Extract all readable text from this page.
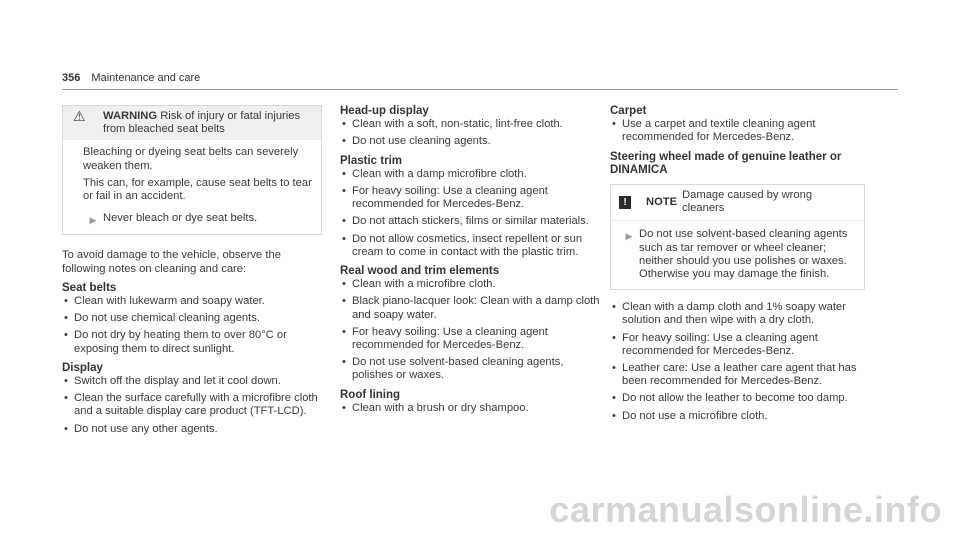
356 Maintenance and care
⚠	WARNING Risk of injury or fatal injuries from bleached seat belts

Bleaching or dyeing seat belts can severely weaken them.

This can, for example, cause seat belts to tear or fail in an accident.

▶ Never bleach or dye seat belts.

To avoid damage to the vehicle, observe the following notes on cleaning and care:

Seat belts

• Clean with lukewarm and soapy water.
• Do not use chemical cleaning agents.
• Do not dry by heating them to over 80°C or exposing them to direct sunlight.

Display

• Switch off the display and let it cool down.
• Clean the surface carefully with a microfibre cloth and a suitable display care product (TFT-LCD).
• Do not use any other agents.

Head-up display

• Clean with a soft, non-static, lint-free cloth.
• Do not use cleaning agents.

Plastic trim

• Clean with a damp microfibre cloth.
• For heavy soiling: Use a cleaning agent recommended for Mercedes-Benz.
• Do not attach stickers, films or similar materials.
• Do not allow cosmetics, insect repellent or sun cream to come in contact with the plastic trim.

Real wood and trim elements

• Clean with a microfibre cloth.
• Black piano-lacquer look: Clean with a damp cloth and soapy water.
• For heavy soiling: Use a cleaning agent recommended for Mercedes-Benz.
• Do not use solvent-based cleaning agents, polishes or waxes.

Roof lining

• Clean with a brush or dry shampoo.

Carpet

• Use a carpet and textile cleaning agent recommended for Mercedes-Benz.

Steering wheel made of genuine leather or DINAMICA

!	NOTE
Damage caused by wrong cleaners
▶ Do not use solvent-based cleaning agents such as tar remover or wheel cleaner; neither should you use polishes or waxes. Otherwise you may damage the finish.
• Clean with a damp cloth and 1% soapy water solution and then wipe with a dry cloth.
• For heavy soiling: Use a cleaning agent recommended for Mercedes-Benz.
• Leather care: Use a leather care agent that has been recommended for Mercedes-Benz.
• Do not allow the leather to become too damp.
• Do not use a microfibre cloth.
carmanualsonline.info
